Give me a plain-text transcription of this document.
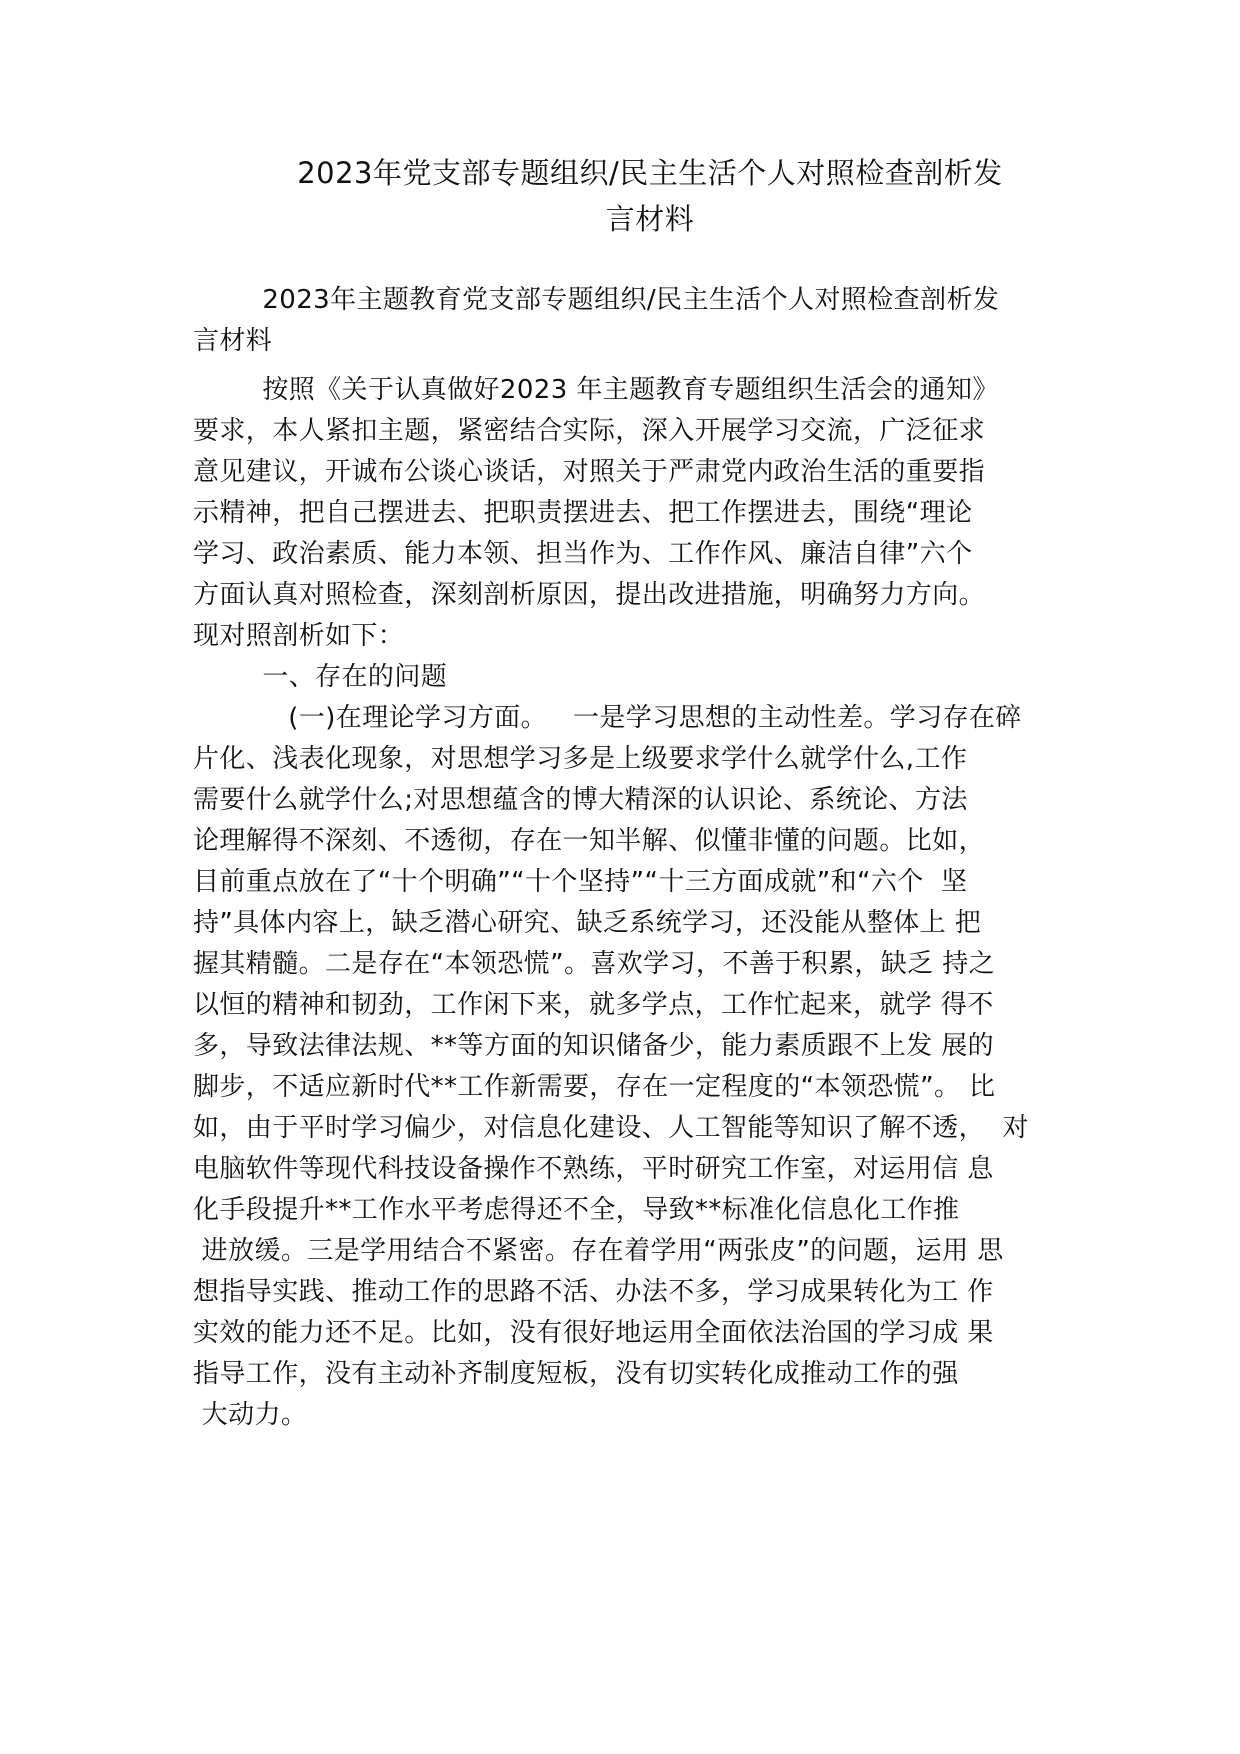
2023年党支部专题组织/民主生活个人对照检查剖析发
言材料
2023年主题教育党支部专题组织/民主生活个人对照检查剖析发
言材料
按照《关于认真做好2023 年主题教育专题组织生活会的通知》
要求，本人紧扣主题，紧密结合实际，深入开展学习交流，广泛征求
意见建议，开诚布公谈心谈话，对照关于严肃党内政治生活的重要指
示精神，把自己摆进去、把职责摆进去、把工作摆进去，围绕“理论
学习、政治素质、能力本领、担当作为、工作作风、廉洁自律”六个
方面认真对照检查，深刻剖析原因，提出改进措施，明确努力方向。
现对照剖析如下：
一、存在的问题
(一)在理论学习方面。   一是学习思想的主动性差。学习存在碎
片化、浅表化现象，对思想学习多是上级要求学什么就学什么,工作
需要什么就学什么;对思想蕴含的博大精深的认识论、系统论、方法
论理解得不深刻、不透彻，存在一知半解、似懂非懂的问题。比如，
目前重点放在了“十个明确”“十个坚持”“十三方面成就”和“六个  坚
持”具体内容上，缺乏潜心研究、缺乏系统学习，还没能从整体上 把
握其精髓。二是存在“本领恐慌”。喜欢学习，不善于积累，缺乏 持之
以恒的精神和韧劲，工作闲下来，就多学点，工作忙起来，就学 得不
多，导致法律法规、**等方面的知识储备少，能力素质跟不上发 展的
脚步，不适应新时代**工作新需要，存在一定程度的“本领恐慌”。 比
如，由于平时学习偏少，对信息化建设、人工智能等知识了解不透，  对
电脑软件等现代科技设备操作不熟练，平时研究工作室，对运用信 息
化手段提升**工作水平考虑得还不全，导致**标准化信息化工作推
进放缓。三是学用结合不紧密。存在着学用“两张皮”的问题，运用 思
想指导实践、推动工作的思路不活、办法不多，学习成果转化为工 作
实效的能力还不足。比如，没有很好地运用全面依法治国的学习成 果
指导工作，没有主动补齐制度短板，没有切实转化成推动工作的强
大动力。
